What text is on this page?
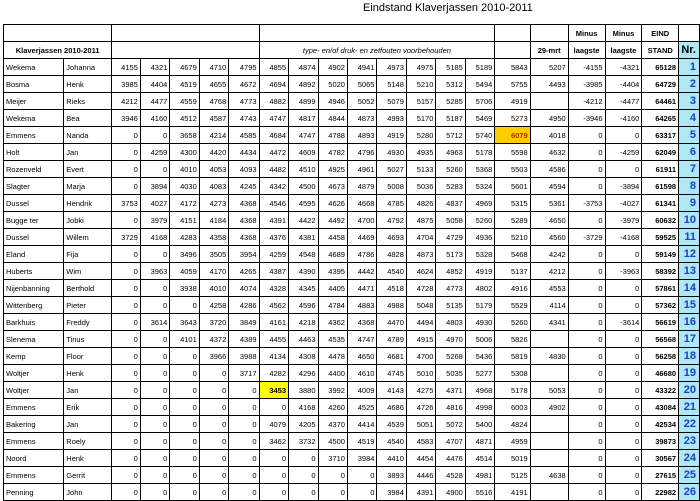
Eindstand Klaverjassen 2010-2011
																	Minus	Minus	EIND	
Klaverjassen 2010-2011							type- en/of druk- en zetfouten voorbehouden									29-mrt	laagste	laagste	STAND	Nr.
Wekema	Johanna	4155	4321	4679	4710	4795	4855	4874	4902	4941	4973	4975	5185	5189	5843	5207	-4155	-4321	65128	1
Bosma	Henk	3985	4404	4519	4655	4672	4694	4892	5020	5065	5148	5210	5312	5494	5755	4493	-3985	-4404	64729	2
Meijer	Rieks	4212	4477	4559	4768	4773	4882	4899	4946	5052	5079	5157	5285	5706	4919		-4212	-4477	64461	3
Wekema	Bea	3946	4160	4512	4587	4743	4747	4817	4844	4873	4993	5170	5187	5469	5273	4950	-3946	-4160	64265	4
Emmens	Nanda	0	0	3658	4214	4585	4684	4747	4788	4893	4919	5280	5712	5740	6079	4018	0	0	63317	5
Holt	Jan	0	4259	4300	4420	4434	4472	4609	4782	4796	4930	4935	4963	5178	5598	4632	0	-4259	62049	6
Rozenveld	Evert	0	0	4010	4053	4093	4482	4510	4925	4961	5027	5133	5260	5368	5503	4586	0	0	61911	7
Slagter	Marja	0	3894	4030	4083	4245	4342	4500	4673	4879	5008	5036	5283	5324	5601	4594	0	-3894	61598	8
Dussel	Hendrik	3753	4027	4172	4273	4368	4546	4595	4626	4668	4785	4826	4837	4969	5315	5361	-3753	-4027	61341	9
Bugge ter	Jobki	0	3979	4151	4184	4368	4391	4422	4492	4700	4792	4875	5058	5260	5289	4650	0	-3979	60632	10
Dussel	Willem	3729	4168	4283	4358	4368	4376	4381	4458	4469	4693	4704	4729	4936	5210	4560	-3729	-4168	59525	11
Eland	Fija	0	0	3496	3505	3954	4259	4548	4689	4786	4828	4873	5173	5328	5468	4242	0	0	59149	12
Huberts	Wim	0	3963	4059	4170	4265	4387	4390	4395	4442	4540	4624	4852	4919	5137	4212	0	-3963	58392	13
Nijenbanning	Berthold	0	0	3938	4010	4074	4328	4345	4405	4471	4518	4728	4773	4802	4916	4553	0	0	57861	14
Wittenberg	Pieter	0	0	0	4258	4286	4562	4596	4784	4883	4988	5048	5135	5179	5529	4114	0	0	57362	15
Barkhuis	Freddy	0	3614	3643	3720	3849	4161	4218	4362	4368	4470	4494	4803	4930	5260	4341	0	-3614	56619	16
Slenema	Tinus	0	0	4101	4372	4389	4455	4463	4535	4747	4789	4915	4970	5006	5826		0	0	56568	17
Kemp	Floor	0	0	0	3966	3988	4134	4308	4478	4650	4681	4700	5268	5436	5819	4830	0	0	56258	18
Woltjer	Henk	0	0	0	0	3717	4282	4296	4400	4610	4745	5010	5035	5277	5308		0	0	46680	19
Woltjer	Jan	0	0	0	0	0	3453	3880	3992	4009	4143	4275	4371	4968	5178	5053	0	0	43322	20
Emmens	Erik	0	0	0	0	0	0	4168	4260	4525	4686	4726	4816	4998	6003	4902	0	0	43084	21
Bakering	Jan	0	0	0	0	0	4079	4205	4370	4414	4539	5051	5072	5400	4824		0	0	42534	22
Emmens	Roely	0	0	0	0	0	3462	3732	4500	4519	4540	4583	4707	4871	4959		0	0	39873	23
Noord	Henk	0	0	0	0	0	0	0	3710	3984	4410	4454	4476	4514	5019		0	0	30567	24
Emmens	Gerrit	0	0	0	0	0	0	0	0	0	3893	4446	4528	4981	5125	4638	0	0	27615	25
Penning	John	0	0	0	0	0	0	0	0	0	3984	4391	4900	5516	4191		0	0	22982	26
